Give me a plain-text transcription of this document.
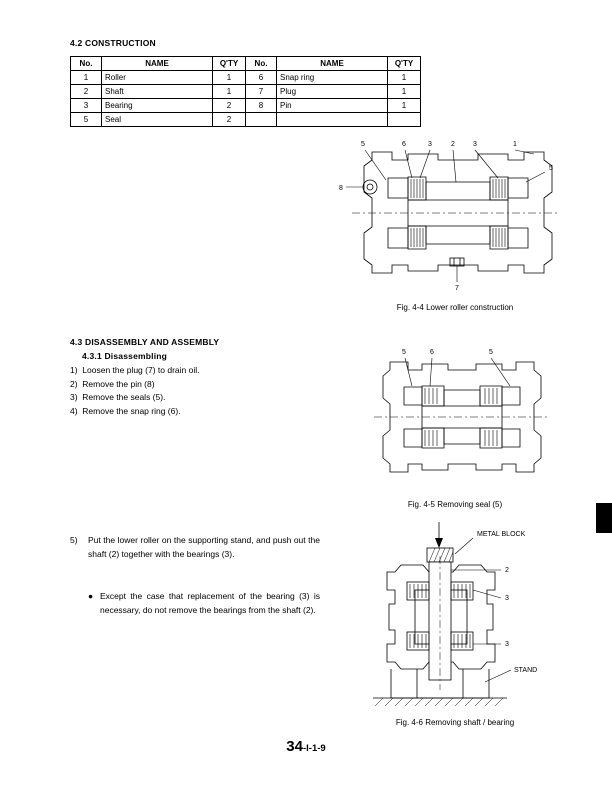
4.2 CONSTRUCTION
No.	NAME	Q'TY	No.	NAME	Q'TY
1	Roller	1	6	Snap ring	1
2	Shaft	1	7	Plug	1
3	Bearing	2	8	Pin	1
5	Seal	2			
5	6	3	2	3	1
5
8
7
Fig. 4-4 Lower roller construction
4.3 DISASSEMBLY AND ASSEMBLY
4.3.1 Disassembling
1)  Loosen the plug (7) to drain oil.
2)  Remove the pin (8)
3)  Remove the seals (5).
4)  Remove the snap ring (6).
5	6	5
Fig. 4-5 Removing seal (5)
5) Put the lower roller on the supporting stand, and push out the shaft (2) together with the bearings (3).
● Except the case that replacement of the bearing (3) is necessary, do not remove the bearings from the shaft (2).
METAL BLOCK
2
3
3
STAND
Fig. 4-6 Removing shaft / bearing
34-I-1-9
